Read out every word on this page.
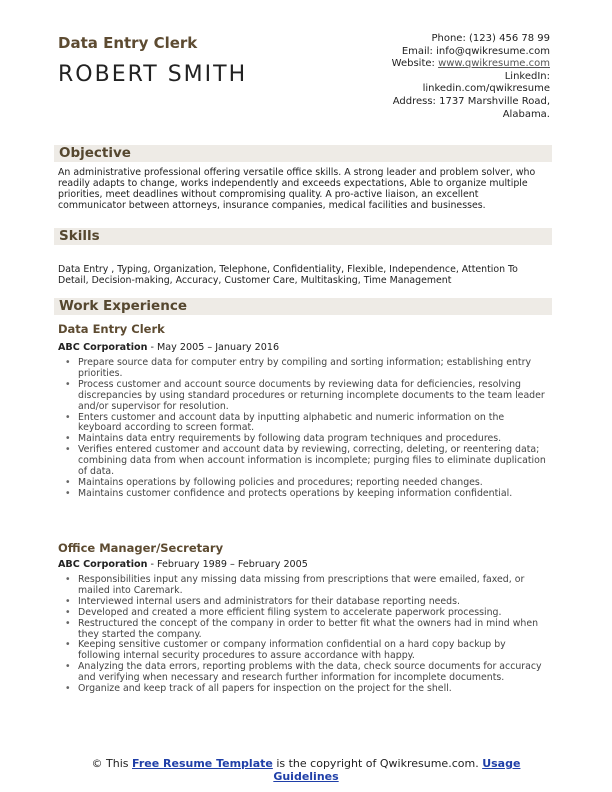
Data Entry Clerk
ROBERT SMITH
Phone: (123) 456 78 99
Email: info@qwikresume.com
Website: www.qwikresume.com
LinkedIn:
linkedin.com/qwikresume
Address: 1737 Marshville Road,
Alabama.
Objective
An administrative professional offering versatile office skills. A strong leader and problem solver, who readily adapts to change, works independently and exceeds expectations, Able to organize multiple priorities, meet deadlines without compromising quality. A pro-active liaison, an excellent communicator between attorneys, insurance companies, medical facilities and businesses.
Skills
Data Entry , Typing, Organization, Telephone, Confidentiality, Flexible, Independence, Attention To Detail, Decision-making, Accuracy, Customer Care, Multitasking, Time Management
Work Experience
Data Entry Clerk
ABC Corporation - May 2005 – January 2016
• Prepare source data for computer entry by compiling and sorting information; establishing entry priorities.
• Process customer and account source documents by reviewing data for deficiencies, resolving discrepancies by using standard procedures or returning incomplete documents to the team leader and/or supervisor for resolution.
• Enters customer and account data by inputting alphabetic and numeric information on the keyboard according to screen format.
• Maintains data entry requirements by following data program techniques and procedures.
• Verifies entered customer and account data by reviewing, correcting, deleting, or reentering data; combining data from when account information is incomplete; purging files to eliminate duplication of data.
• Maintains operations by following policies and procedures; reporting needed changes.
• Maintains customer confidence and protects operations by keeping information confidential.
Office Manager/Secretary
ABC Corporation - February 1989 – February 2005
• Responsibilities input any missing data missing from prescriptions that were emailed, faxed, or mailed into Caremark.
• Interviewed internal users and administrators for their database reporting needs.
• Developed and created a more efficient filing system to accelerate paperwork processing.
• Restructured the concept of the company in order to better fit what the owners had in mind when they started the company.
• Keeping sensitive customer or company information confidential on a hard copy backup by following internal security procedures to assure accordance with happy.
• Analyzing the data errors, reporting problems with the data, check source documents for accuracy and verifying when necessary and research further information for incomplete documents.
• Organize and keep track of all papers for inspection on the project for the shell.
© This Free Resume Template is the copyright of Qwikresume.com. Usage Guidelines
